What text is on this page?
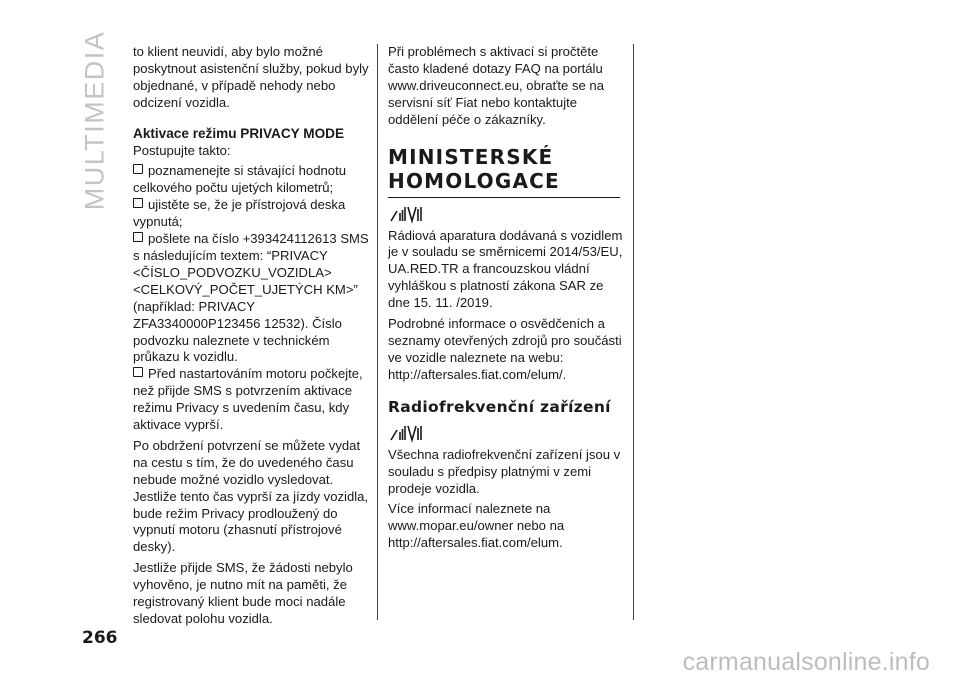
MULTIMEDIA to klient neuvidí, aby bylo možné poskytnout asistenční služby, pokud byly objednané, v případě nehody nebo odcizení vozidla.

Aktivace režimu PRIVACY MODE

Postupujte takto:

poznamenejte si stávající hodnotu celkového počtu ujetých kilometrů;

ujistěte se, že je přístrojová deska vypnutá;

pošlete na číslo +393424112613 SMS s následujícím textem: “PRIVACY <ČÍSLO_PODVOZKU_VOZIDLA> <CELKOVÝ_POČET_UJETÝCH KM>” (například: PRIVACY ZFA3340000P123456 12532). Číslo podvozku naleznete v technickém průkazu k vozidlu.

Před nastartováním motoru počkejte, než přijde SMS s potvrzením aktivace režimu Privacy s uvedením času, kdy aktivace vyprší.

Po obdržení potvrzení se můžete vydat na cestu s tím, že do uvedeného času nebude možné vozidlo vysledovat. Jestliže tento čas vyprší za jízdy vozidla, bude režim Privacy prodloužený do vypnutí motoru (zhasnutí přístrojové desky).

Jestliže přijde SMS, že žádosti nebylo vyhověno, je nutno mít na paměti, že registrovaný klient bude moci nadále sledovat polohu vozidla.

Při problémech s aktivací si pročtěte často kladené dotazy FAQ na portálu www.driveuconnect.eu, obraťte se na servisní síť Fiat nebo kontaktujte oddělení péče o zákazníky.

MINISTERSKÉ HOMOLOGACE

Rádiová aparatura dodávaná s vozidlem je v souladu se směrnicemi 2014/53/EU, UA.RED.TR a francouzskou vládní vyhláškou s platností zákona SAR ze dne 15. 11. /2019.

Podrobné informace o osvědčeních a seznamy otevřených zdrojů pro součásti ve vozidle naleznete na webu: http://aftersales.fiat.com/elum/.

Radiofrekvenční zařízení

Všechna radiofrekvenční zařízení jsou v souladu s předpisy platnými v zemi prodeje vozidla.

Více informací naleznete na www.mopar.eu/owner nebo na http://aftersales.fiat.com/elum.

266
carmanualsonline.info
